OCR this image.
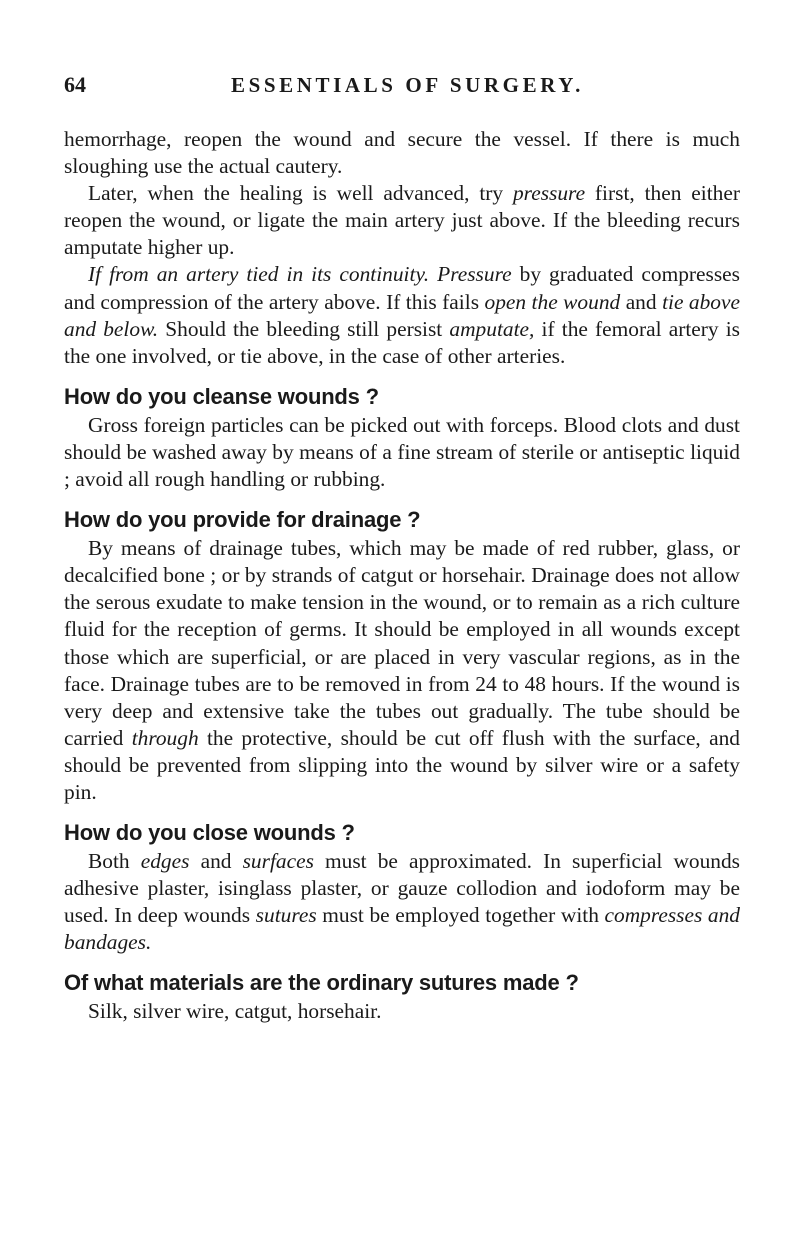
64	ESSENTIALS OF SURGERY.

hemorrhage, reopen the wound and secure the vessel. If there is much sloughing use the actual cautery.

Later, when the healing is well advanced, try pressure first, then either reopen the wound, or ligate the main artery just above. If the bleeding recurs amputate higher up.

If from an artery tied in its continuity. Pressure by graduated compresses and compression of the artery above. If this fails open the wound and tie above and below. Should the bleeding still persist amputate, if the femoral artery is the one involved, or tie above, in the case of other arteries.

How do you cleanse wounds ?

Gross foreign particles can be picked out with forceps. Blood clots and dust should be washed away by means of a fine stream of sterile or antiseptic liquid ; avoid all rough handling or rubbing.

How do you provide for drainage ?

By means of drainage tubes, which may be made of red rubber, glass, or decalcified bone ; or by strands of catgut or horsehair. Drainage does not allow the serous exudate to make tension in the wound, or to remain as a rich culture fluid for the reception of germs. It should be employed in all wounds except those which are superficial, or are placed in very vascular regions, as in the face. Drainage tubes are to be removed in from 24 to 48 hours. If the wound is very deep and extensive take the tubes out gradually. The tube should be carried through the protective, should be cut off flush with the surface, and should be prevented from slipping into the wound by silver wire or a safety pin.

How do you close wounds ?

Both edges and surfaces must be approximated. In superficial wounds adhesive plaster, isinglass plaster, or gauze collodion and iodoform may be used. In deep wounds sutures must be employed together with compresses and bandages.

Of what materials are the ordinary sutures made ?

Silk, silver wire, catgut, horsehair.
